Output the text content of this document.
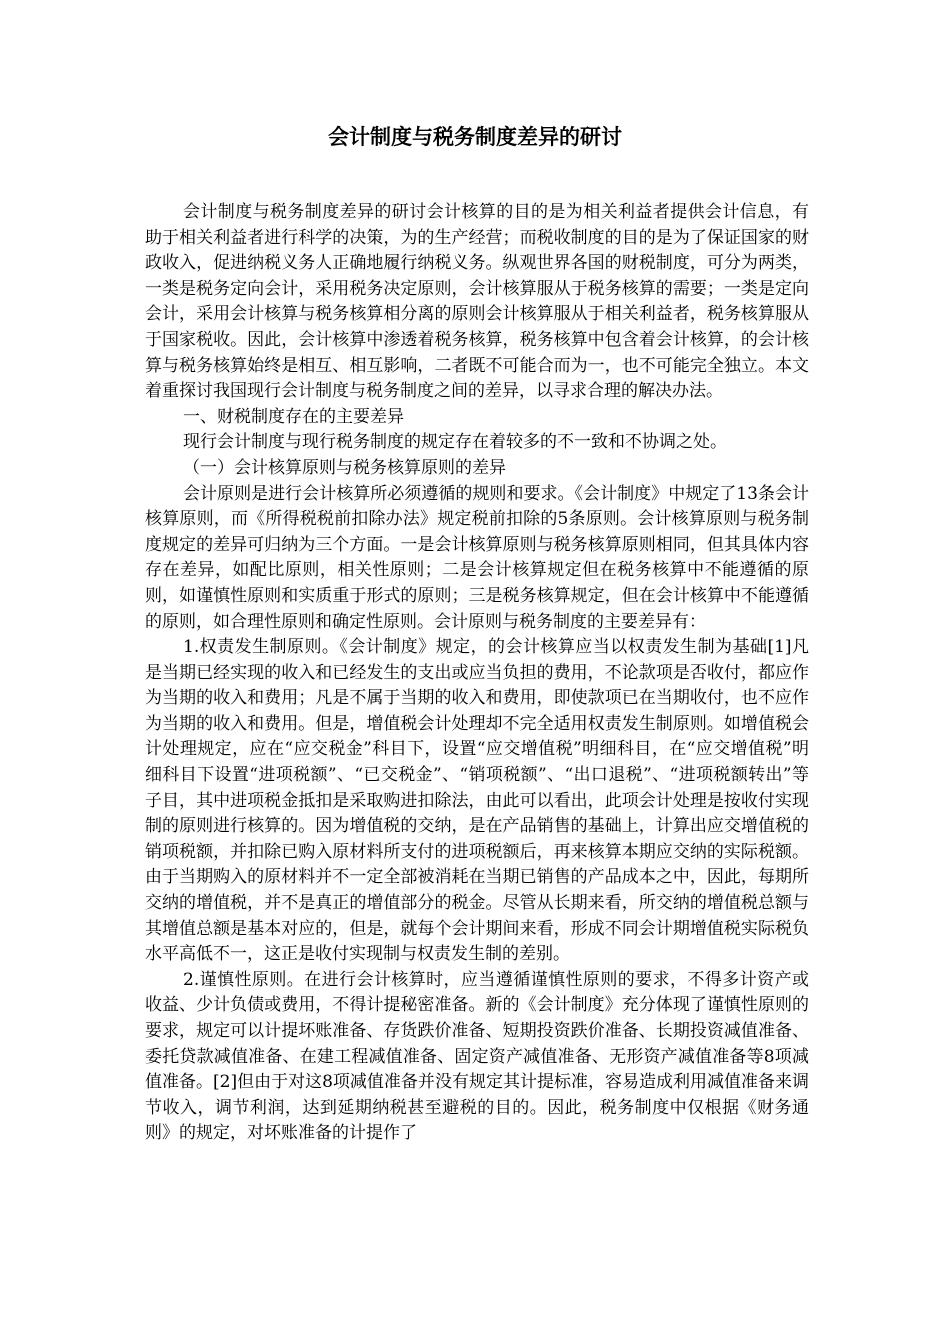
会计制度与税务制度差异的研讨

会计制度与税务制度差异的研讨会计核算的目的是为相关利益者提供会计信息，有助于相关利益者进行科学的决策，为的生产经营；而税收制度的目的是为了保证国家的财政收入，促进纳税义务人正确地履行纳税义务。纵观世界各国的财税制度，可分为两类，一类是税务定向会计，采用税务决定原则，会计核算服从于税务核算的需要；一类是定向会计，采用会计核算与税务核算相分离的原则会计核算服从于相关利益者，税务核算服从于国家税收。因此，会计核算中渗透着税务核算，税务核算中包含着会计核算，的会计核算与税务核算始终是相互、相互影响，二者既不可能合而为一，也不可能完全独立。本文着重探讨我国现行会计制度与税务制度之间的差异，以寻求合理的解决办法。

一、财税制度存在的主要差异

现行会计制度与现行税务制度的规定存在着较多的不一致和不协调之处。

（一）会计核算原则与税务核算原则的差异

会计原则是进行会计核算所必须遵循的规则和要求。《会计制度》中规定了13条会计核算原则，而《所得税税前扣除办法》规定税前扣除的5条原则。会计核算原则与税务制度规定的差异可归纳为三个方面。一是会计核算原则与税务核算原则相同，但其具体内容存在差异，如配比原则，相关性原则；二是会计核算规定但在税务核算中不能遵循的原则，如谨慎性原则和实质重于形式的原则；三是税务核算规定，但在会计核算中不能遵循的原则，如合理性原则和确定性原则。会计原则与税务制度的主要差异有：

1.权责发生制原则。《会计制度》规定，的会计核算应当以权责发生制为基础[1]凡是当期已经实现的收入和已经发生的支出或应当负担的费用，不论款项是否收付，都应作为当期的收入和费用；凡是不属于当期的收入和费用，即使款项已在当期收付，也不应作为当期的收入和费用。但是，增值税会计处理却不完全适用权责发生制原则。如增值税会计处理规定，应在“应交税金”科目下，设置“应交增值税”明细科目，在“应交增值税”明细科目下设置“进项税额”、“已交税金”、“销项税额”、“出口退税”、“进项税额转出”等子目，其中进项税金抵扣是采取购进扣除法，由此可以看出，此项会计处理是按收付实现制的原则进行核算的。因为增值税的交纳，是在产品销售的基础上，计算出应交增值税的销项税额，并扣除已购入原材料所支付的进项税额后，再来核算本期应交纳的实际税额。由于当期购入的原材料并不一定全部被消耗在当期已销售的产品成本之中，因此，每期所交纳的增值税，并不是真正的增值部分的税金。尽管从长期来看，所交纳的增值税总额与其增值总额是基本对应的，但是，就每个会计期间来看，形成不同会计期增值税实际税负水平高低不一，这正是收付实现制与权责发生制的差别。

2.谨慎性原则。在进行会计核算时，应当遵循谨慎性原则的要求，不得多计资产或收益、少计负债或费用，不得计提秘密准备。新的《会计制度》充分体现了谨慎性原则的要求，规定可以计提坏账准备、存货跌价准备、短期投资跌价准备、长期投资减值准备、委托贷款减值准备、在建工程减值准备、固定资产减值准备、无形资产减值准备等8项减值准备。[2]但由于对这8项减值准备并没有规定其计提标准，容易造成利用减值准备来调节收入，调节利润，达到延期纳税甚至避税的目的。因此，税务制度中仅根据《财务通则》的规定，对坏账准备的计提作了
